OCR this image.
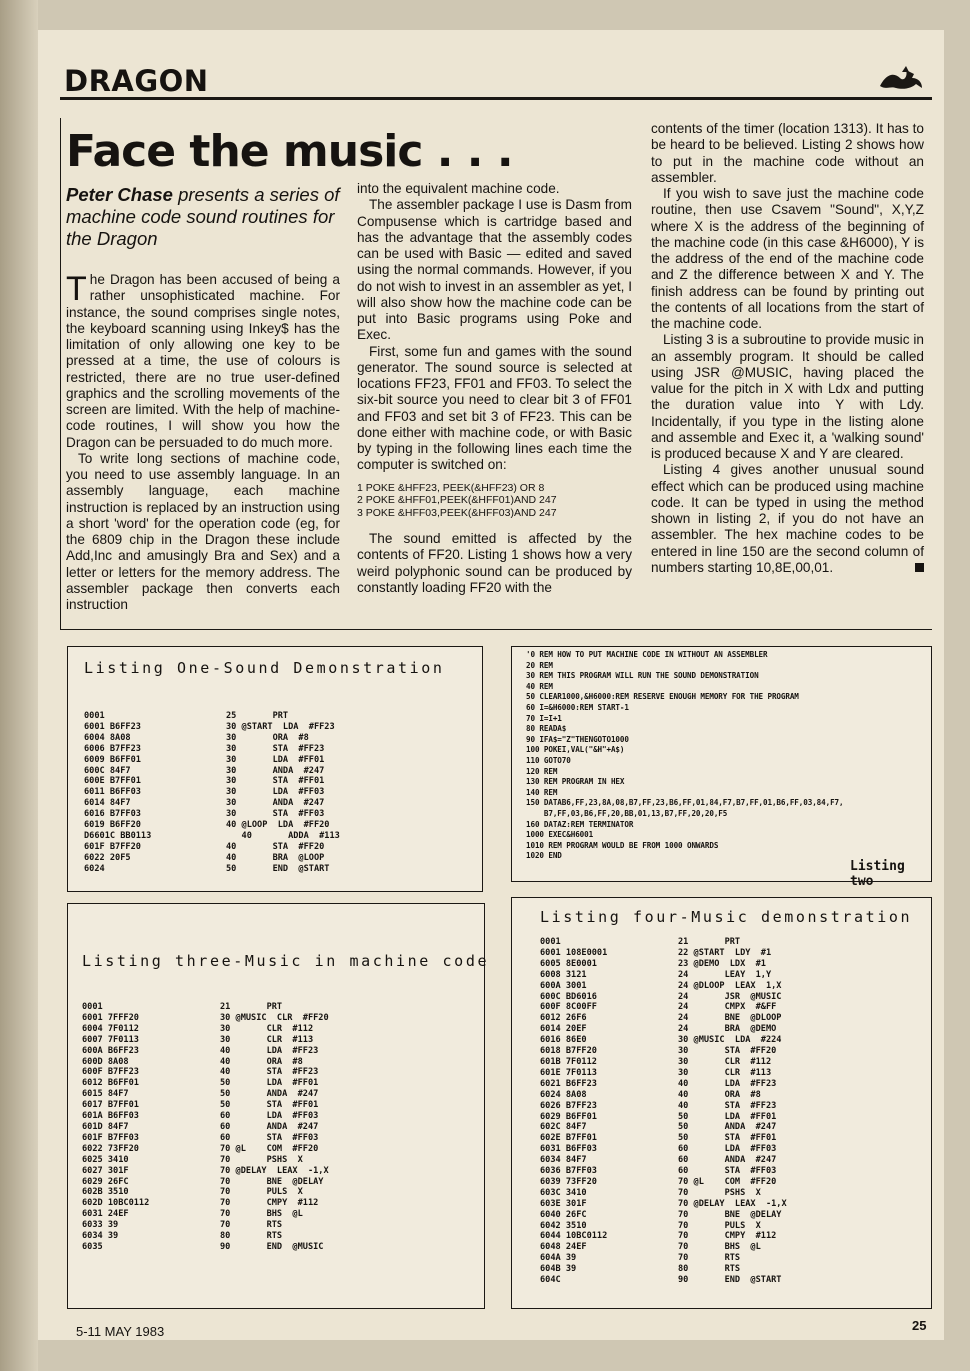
DRAGON
Face the music . . .
Peter Chase presents a series of machine code sound routines for the Dragon

The Dragon has been accused of being a rather unsophisticated machine. For instance, the sound comprises single notes, the keyboard scanning using Inkey$ has the limitation of only allowing one key to be pressed at a time, the use of colours is restricted, there are no true user-defined graphics and the scrolling movements of the screen are limited. With the help of machine-code routines, I will show you how the Dragon can be persuaded to do much more.

To write long sections of machine code, you need to use assembly language. In an assembly language, each machine instruction is replaced by an instruction using a short 'word' for the operation code (eg, for the 6809 chip in the Dragon these include Add,Inc and amusingly Bra and Sex) and a letter or letters for the memory address. The assembler package then converts each instruction

into the equivalent machine code.

The assembler package I use is Dasm from Compusense which is cartridge based and has the advantage that the assembly codes can be used with Basic — edited and saved using the normal commands. However, if you do not wish to invest in an assembler as yet, I will also show how the machine code can be put into Basic programs using Poke and Exec.

First, some fun and games with the sound generator. The sound source is selected at locations FF23, FF01 and FF03. To select the six-bit source you need to clear bit 3 of FF01 and FF03 and set bit 3 of FF23. This can be done either with machine code, or with Basic by typing in the following lines each time the computer is switched on:

1 POKE &HFF23, PEEK(&HFF23) OR 8
2 POKE &HFF01,PEEK(&HFF01)AND 247
3 POKE &HFF03,PEEK(&HFF03)AND 247

The sound emitted is affected by the contents of FF20. Listing 1 shows how a very weird polyphonic sound can be produced by constantly loading FF20 with the

contents of the timer (location 1313). It has to be heard to be believed. Listing 2 shows how to put in the machine code without an assembler.

If you wish to save just the machine code routine, then use Csavem "Sound", X,Y,Z where X is the address of the beginning of the machine code (in this case &H6000), Y is the address of the end of the machine code and Z the difference between X and Y. The finish address can be found by printing out the contents of all locations from the start of the machine code.

Listing 3 is a subroutine to provide music in an assembly program. It should be called using JSR @MUSIC, having placed the value for the pitch in X with Ldx and putting the duration value into Y with Ldy. Incidentally, if you type in the listing alone and assemble and Exec it, a 'walking sound' is produced because X and Y are cleared.

Listing 4 gives another unusual sound effect which can be produced using machine code. It can be typed in using the method shown in listing 2, if you do not have an assembler. The hex machine codes to be entered in line 150 are the second column of numbers starting 10,8E,00,01.

Listing One-Sound Demonstration
0001
6001 B6FF23
6004 8A08
6006 B7FF23
6009 B6FF01
600C 84F7
600E B7FF01
6011 B6FF03
6014 84F7
6016 B7FF03
6019 B6FF20
D6601C BB0113
601F B7FF20
6022 20F5
6024
25       PRT
30 @START  LDA  #FF23
30       ORA  #8
30       STA  #FF23
30       LDA  #FF01
30       ANDA  #247
30       STA  #FF01
30       LDA  #FF03
30       ANDA  #247
30       STA  #FF03
40 @LOOP  LDA  #FF20
40       ADDA  #113
40       STA  #FF20
40       BRA  @LOOP
50       END  @START
'0 REM HOW TO PUT MACHINE CODE IN WITHOUT AN ASSEMBLER
20 REM
30 REM THIS PROGRAM WILL RUN THE SOUND DEMONSTRATION
40 REM
50 CLEAR1000,&H6000:REM RESERVE ENOUGH MEMORY FOR THE PROGRAM
60 I=&H6000:REM START-1
70 I=I+1
80 READA$
90 IFA$="Z"THENGOTO1000
100 POKEI,VAL("&H"+A$)
110 GOTO70
120 REM
130 REM PROGRAM IN HEX
140 REM
150 DATAB6,FF,23,8A,08,B7,FF,23,B6,FF,01,84,F7,B7,FF,01,B6,FF,03,84,F7,
B7,FF,03,B6,FF,20,BB,01,13,B7,FF,20,20,F5
160 DATAZ:REM TERMINATOR
1000 EXEC&H6001
1010 REM PROGRAM WOULD BE FROM 1000 ONWARDS
1020 END
Listing two
Listing three-Music in machine code
0001
6001 7FFF20
6004 7F0112
6007 7F0113
600A B6FF23
600D 8A08
600F B7FF23
6012 B6FF01
6015 84F7
6017 B7FF01
601A B6FF03
601D 84F7
601F B7FF03
6022 73FF20
6025 3410
6027 301F
6029 26FC
602B 3510
602D 10BC0112
6031 24EF
6033 39
6034 39
6035
21       PRT
30 @MUSIC  CLR  #FF20
30       CLR  #112
30       CLR  #113
40       LDA  #FF23
40       ORA  #8
40       STA  #FF23
50       LDA  #FF01
50       ANDA  #247
50       STA  #FF01
60       LDA  #FF03
60       ANDA  #247
60       STA  #FF03
70 @L    COM  #FF20
70       PSHS  X
70 @DELAY  LEAX  -1,X
70       BNE  @DELAY
70       PULS  X
70       CMPY  #112
70       BHS  @L
70       RTS
80       RTS
90       END  @MUSIC
Listing four-Music demonstration
0001
6001 108E0001
6005 8E0001
6008 3121
600A 3001
600C BD6016
600F 8C00FF
6012 26F6
6014 20EF
6016 86E0
6018 B7FF20
601B 7F0112
601E 7F0113
6021 B6FF23
6024 8A08
6026 B7FF23
6029 B6FF01
602C 84F7
602E B7FF01
6031 B6FF03
6034 84F7
6036 B7FF03
6039 73FF20
603C 3410
603E 301F
6040 26FC
6042 3510
6044 10BC0112
6048 24EF
604A 39
604B 39
604C
21       PRT
22 @START  LDY  #1
23 @DEMO  LDX  #1
24       LEAY  1,Y
24 @DLOOP  LEAX  1,X
24       JSR  @MUSIC
24       CMPX  #&FF
24       BNE  @DLOOP
24       BRA  @DEMO
30 @MUSIC  LDA  #224
30       STA  #FF20
30       CLR  #112
30       CLR  #113
40       LDA  #FF23
40       ORA  #8
40       STA  #FF23
50       LDA  #FF01
50       ANDA  #247
50       STA  #FF01
60       LDA  #FF03
60       ANDA  #247
60       STA  #FF03
70 @L    COM  #FF20
70       PSHS  X
70 @DELAY  LEAX  -1,X
70       BNE  @DELAY
70       PULS  X
70       CMPY  #112
70       BHS  @L
70       RTS
80       RTS
90       END  @START
5-11 MAY 1983	25
